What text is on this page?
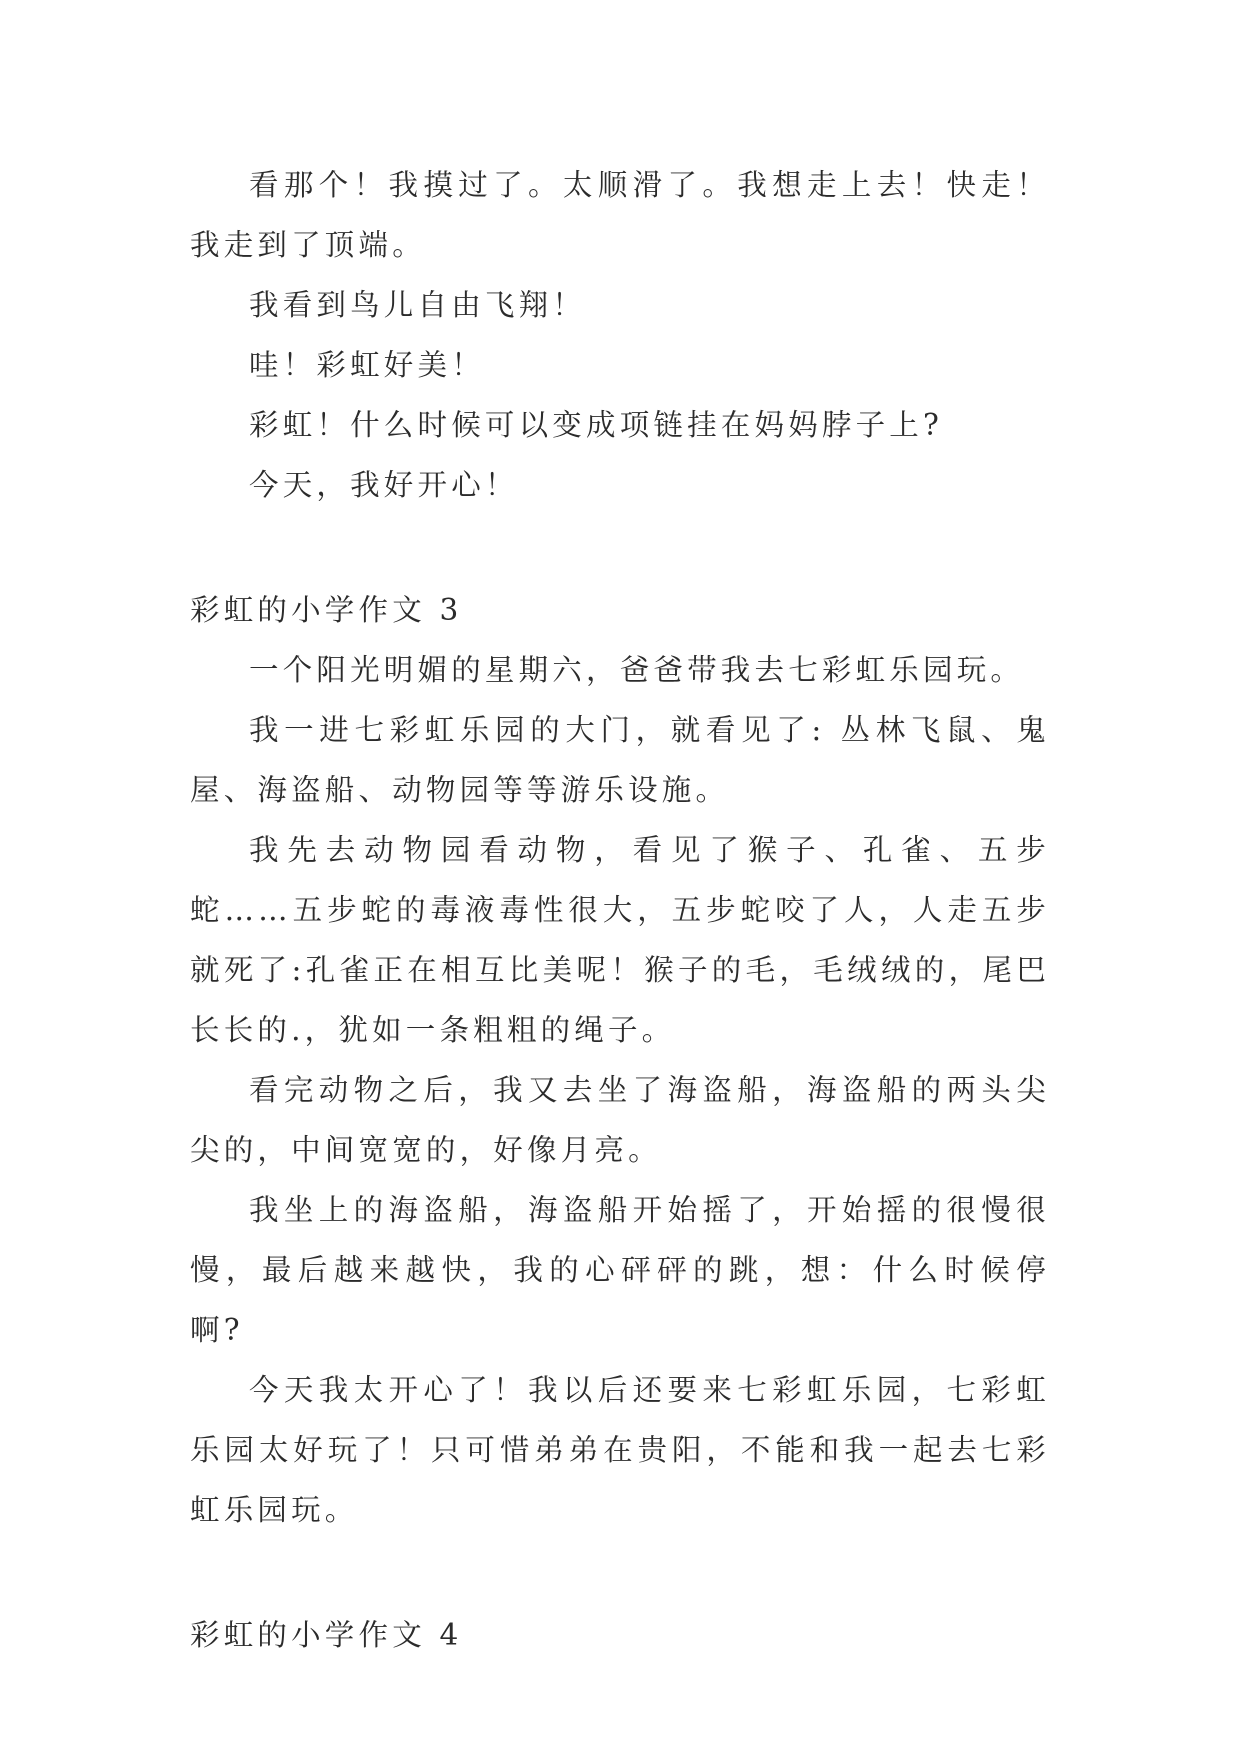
看那个！我摸过了。太顺滑了。我想走上去！快走！我走到了顶端。

我看到鸟儿自由飞翔！

哇！彩虹好美！

彩虹！什么时候可以变成项链挂在妈妈脖子上?

今天，我好开心！

彩虹的小学作文 3

一个阳光明媚的星期六，爸爸带我去七彩虹乐园玩。

我一进七彩虹乐园的大门，就看见了: 丛林飞鼠、鬼屋、海盗船、动物园等等游乐设施。

我先去动物园看动物，看见了猴子、孔雀、五步蛇……五步蛇的毒液毒性很大，五步蛇咬了人，人走五步就死了:孔雀正在相互比美呢！猴子的毛，毛绒绒的，尾巴长长的.，犹如一条粗粗的绳子。

看完动物之后，我又去坐了海盗船，海盗船的两头尖尖的，中间宽宽的，好像月亮。

我坐上的海盗船，海盗船开始摇了，开始摇的很慢很慢，最后越来越快，我的心砰砰的跳，想：什么时候停啊?

今天我太开心了！我以后还要来七彩虹乐园，七彩虹乐园太好玩了！只可惜弟弟在贵阳，不能和我一起去七彩虹乐园玩。

彩虹的小学作文 4
